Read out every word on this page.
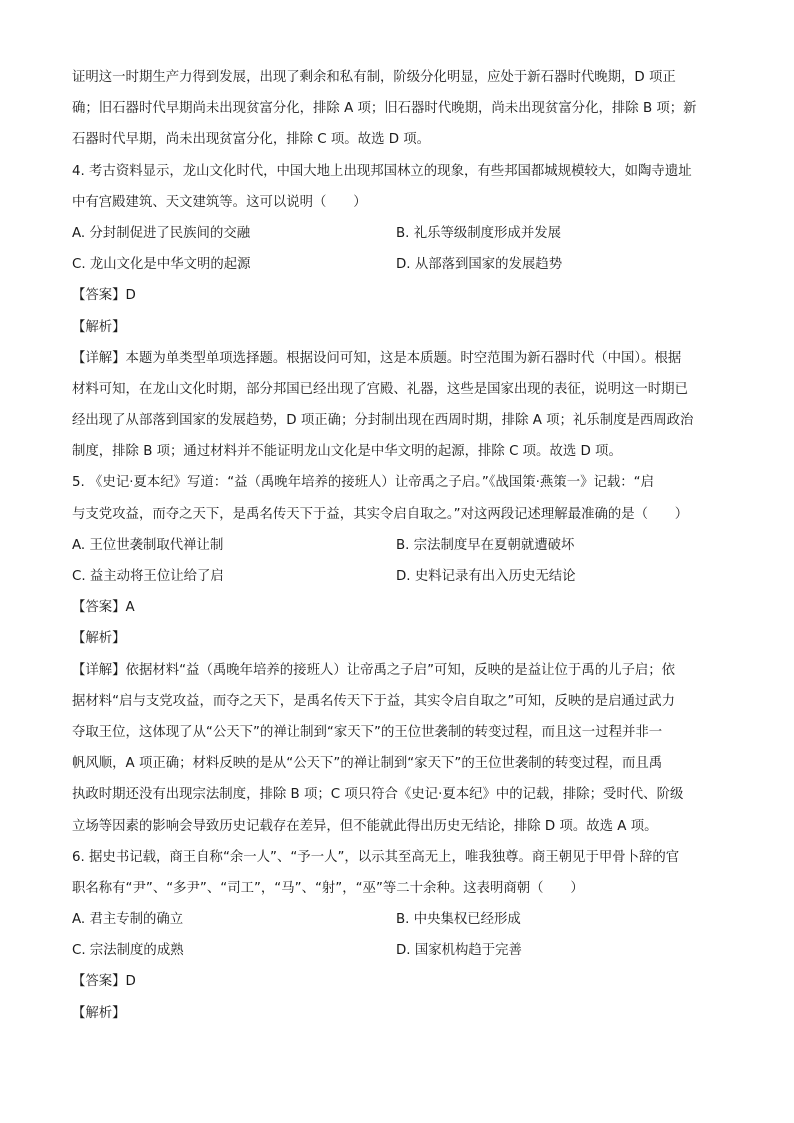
证明这一时期生产力得到发展，出现了剩余和私有制，阶级分化明显，应处于新石器时代晚期，D 项正
确；旧石器时代早期尚未出现贫富分化，排除 A 项；旧石器时代晚期，尚未出现贫富分化，排除 B 项；新
石器时代早期，尚未出现贫富分化，排除 C 项。故选 D 项。
4. 考古资料显示，龙山文化时代，中国大地上出现邦国林立的现象，有些邦国都城规模较大，如陶寺遗址
中有宫殿建筑、天文建筑等。这可以说明（　　）
A. 分封制促进了民族间的交融	B. 礼乐等级制度形成并发展
C. 龙山文化是中华文明的起源	D. 从部落到国家的发展趋势
【答案】D
【解析】
【详解】本题为单类型单项选择题。根据设问可知，这是本质题。时空范围为新石器时代（中国）。根据
材料可知，在龙山文化时期，部分邦国已经出现了宫殿、礼器，这些是国家出现的表征，说明这一时期已
经出现了从部落到国家的发展趋势，D 项正确；分封制出现在西周时期，排除 A 项；礼乐制度是西周政治
制度，排除 B 项；通过材料并不能证明龙山文化是中华文明的起源，排除 C 项。故选 D 项。
5. 《史记·夏本纪》写道：“益（禹晚年培养的接班人）让帝禹之子启。”《战国策·燕策一》记载：“启
与支党攻益，而夺之天下，是禹名传天下于益，其实令启自取之。”对这两段记述理解最准确的是（　　）
A. 王位世袭制取代禅让制	B. 宗法制度早在夏朝就遭破坏
C. 益主动将王位让给了启	D. 史料记录有出入历史无结论
【答案】A
【解析】
【详解】依据材料“益（禹晚年培养的接班人）让帝禹之子启”可知，反映的是益让位于禹的儿子启；依
据材料“启与支党攻益，而夺之天下，是禹名传天下于益，其实令启自取之”可知，反映的是启通过武力
夺取王位，这体现了从“公天下”的禅让制到“家天下”的王位世袭制的转变过程，而且这一过程并非一
帆风顺，A 项正确；材料反映的是从“公天下”的禅让制到“家天下”的王位世袭制的转变过程，而且禹
执政时期还没有出现宗法制度，排除 B 项；C 项只符合《史记·夏本纪》中的记载，排除；受时代、阶级
立场等因素的影响会导致历史记载存在差异，但不能就此得出历史无结论，排除 D 项。故选 A 项。
6. 据史书记载，商王自称“余一人”、“予一人”，以示其至高无上，唯我独尊。商王朝见于甲骨卜辞的官
职名称有“尹”、“多尹”、“司工”，“马”、“射”，“巫”等二十余种。这表明商朝（　　）
A. 君主专制的确立	B. 中央集权已经形成
C. 宗法制度的成熟	D. 国家机构趋于完善
【答案】D
【解析】
